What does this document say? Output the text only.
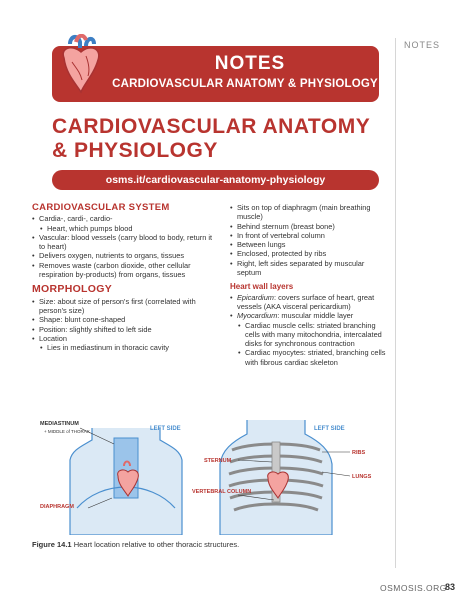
NOTES
NOTES
CARDIOVASCULAR ANATOMY & PHYSIOLOGY
CARDIOVASCULAR ANATOMY & PHYSIOLOGY
osms.it/cardiovascular-anatomy-physiology
CARDIOVASCULAR SYSTEM
• Cardia-, cardi-, cardio-
• Heart, which pumps blood
• Vascular: blood vessels (carry blood to body, return it to heart)
• Delivers oxygen, nutrients to organs, tissues
• Removes waste (carbon dioxide, other cellular respiration by-products) from organs, tissues
MORPHOLOGY
• Size: about size of person's first (correlated with person's size)
• Shape: blunt cone-shaped
• Position: slightly shifted to left side
• Location
• Lies in mediastinum in thoracic cavity
• Sits on top of diaphragm (main breathing muscle)
• Behind sternum (breast bone)
• In front of vertebral column
• Between lungs
• Enclosed, protected by ribs
• Right, left sides separated by muscular septum
Heart wall layers
• Epicardium: covers surface of heart, great vessels (AKA visceral pericardium)
• Myocardium: muscular middle layer
• Cardiac muscle cells: striated branching cells with many mitochondria, intercalated disks for synchronous contraction
• Cardiac myocytes: striated, branching cells with fibrous cardiac skeleton
MEDIASTINUM
+ MIDDLE of THORAX	LEFT SIDE
DIAPHRAGM
STERNUM
VERTEBRAL COLUMN
LEFT SIDE
RIBS
LUNGS
Figure 14.1 Heart location relative to other thoracic structures.
OSMOSIS.ORG
83
